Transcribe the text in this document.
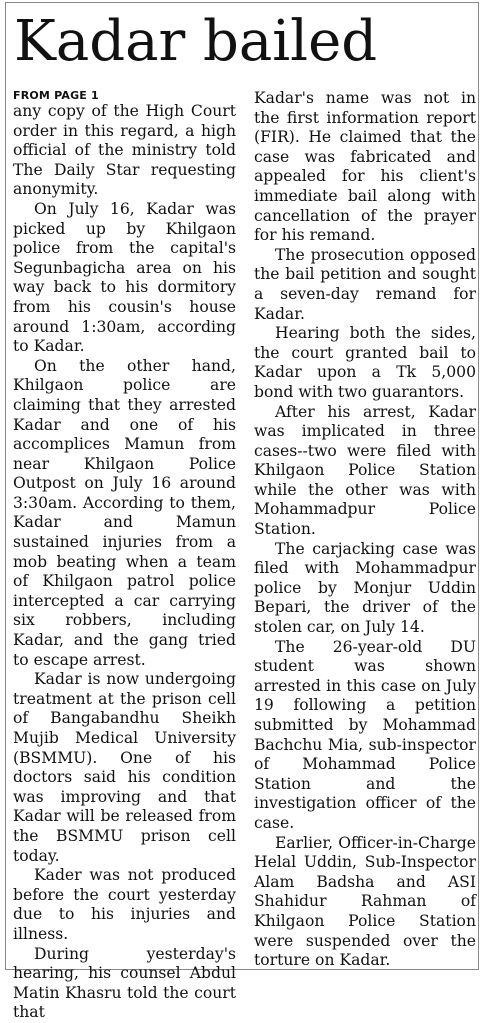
Kadar bailed
FROM PAGE 1

any copy of the High Court order in this regard, a high official of the ministry told The Daily Star requesting anonymity.

On July 16, Kadar was picked up by Khilgaon police from the capital's Segunbagicha area on his way back to his dormitory from his cousin's house around 1:30am, according to Kadar.

On the other hand, Khilgaon police are claiming that they arrested Kadar and one of his accomplices Mamun from near Khilgaon Police Outpost on July 16 around 3:30am. According to them, Kadar and Mamun sustained injuries from a mob beating when a team of Khilgaon patrol police intercepted a car carrying six robbers, including Kadar, and the gang tried to escape arrest.

Kadar is now undergoing treatment at the prison cell of Bangabandhu Sheikh Mujib Medical University (BSMMU). One of his doctors said his condition was improving and that Kadar will be released from the BSMMU prison cell today.

Kader was not produced before the court yesterday due to his injuries and illness.

During yesterday's hearing, his counsel Abdul Matin Khasru told the court that

Kadar's name was not in the first information report (FIR). He claimed that the case was fabricated and appealed for his client's immediate bail along with cancellation of the prayer for his remand.

The prosecution opposed the bail petition and sought a seven-day remand for Kadar.

Hearing both the sides, the court granted bail to Kadar upon a Tk 5,000 bond with two guarantors.

After his arrest, Kadar was implicated in three cases--two were filed with Khilgaon Police Station while the other was with Mohammadpur Police Station.

The carjacking case was filed with Mohammadpur police by Monjur Uddin Bepari, the driver of the stolen car, on July 14.

The 26-year-old DU student was shown arrested in this case on July 19 following a petition submitted by Mohammad Bachchu Mia, sub-inspector of Mohammad Police Station and the investigation officer of the case.

Earlier, Officer-in-Charge Helal Uddin, Sub-Inspector Alam Badsha and ASI Shahidur Rahman of Khilgaon Police Station were suspended over the torture on Kadar.
